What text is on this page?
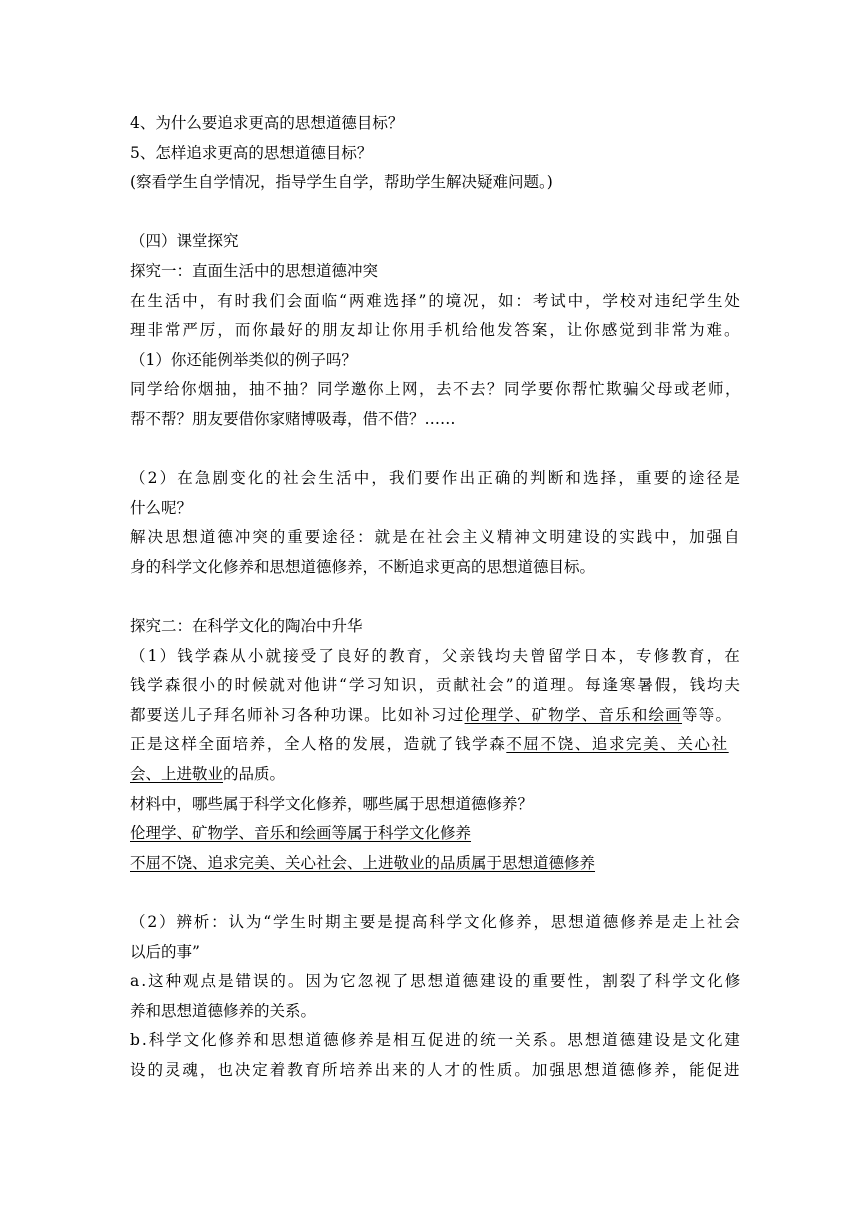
4、为什么要追求更高的思想道德目标？
5、怎样追求更高的思想道德目标？
(察看学生自学情况，指导学生自学，帮助学生解决疑难问题。)
（四）课堂探究
探究一：直面生活中的思想道德冲突
在生活中，有时我们会面临“两难选择”的境况，如：考试中，学校对违纪学生处
理非常严厉，而你最好的朋友却让你用手机给他发答案，让你感觉到非常为难。
（1）你还能例举类似的例子吗？
同学给你烟抽，抽不抽？同学邀你上网，去不去？同学要你帮忙欺骗父母或老师，
帮不帮？朋友要借你家赌博吸毒，借不借？……
（2）在急剧变化的社会生活中，我们要作出正确的判断和选择，重要的途径是
什么呢？
解决思想道德冲突的重要途径：就是在社会主义精神文明建设的实践中，加强自
身的科学文化修养和思想道德修养，不断追求更高的思想道德目标。
探究二：在科学文化的陶冶中升华
（1）钱学森从小就接受了良好的教育，父亲钱均夫曾留学日本，专修教育，在
钱学森很小的时候就对他讲“学习知识，贡献社会”的道理。每逢寒暑假，钱均夫
都要送儿子拜名师补习各种功课。比如补习过伦理学、矿物学、音乐和绘画等等。
正是这样全面培养，全人格的发展，造就了钱学森不屈不饶、追求完美、关心社
会、上进敬业的品质。
材料中，哪些属于科学文化修养，哪些属于思想道德修养？
伦理学、矿物学、音乐和绘画等属于科学文化修养
不屈不饶、追求完美、关心社会、上进敬业的品质属于思想道德修养
（2）辨析：认为“学生时期主要是提高科学文化修养，思想道德修养是走上社会
以后的事”
a.这种观点是错误的。因为它忽视了思想道德建设的重要性，割裂了科学文化修
养和思想道德修养的关系。
b.科学文化修养和思想道德修养是相互促进的统一关系。思想道德建设是文化建
设的灵魂，也决定着教育所培养出来的人才的性质。加强思想道德修养，能促进
